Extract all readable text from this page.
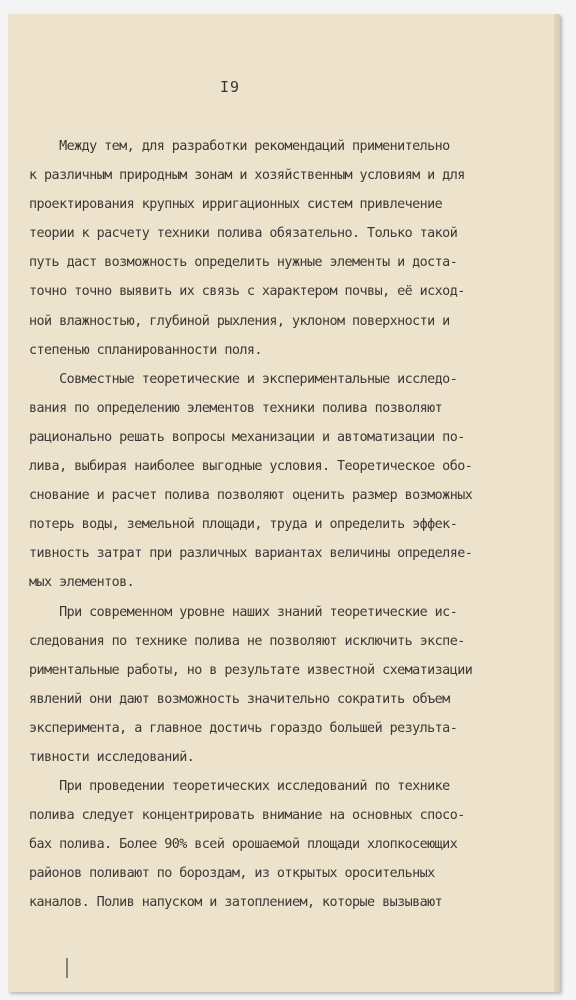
I9
Между тем, для разработки рекомендаций применительно
к различным природным зонам и хозяйственным условиям и для
проектирования крупных ирригационных систем привлечение
теории к расчету техники полива обязательно. Только такой
путь даст возможность определить нужные элементы и доста-
точно точно выявить их связь с характером почвы, её исход-
ной влажностью, глубиной рыхления, уклоном поверхности и
степенью спланированности поля.
Совместные теоретические и экспериментальные исследо-
вания по определению элементов техники полива позволяют
рационально решать вопросы механизации и автоматизации по-
лива, выбирая наиболее выгодные условия. Теоретическое обо-
снование и расчет полива позволяют оценить размер возможных
потерь воды, земельной площади, труда и определить эффек-
тивность затрат при различных вариантах величины определяе-
мых элементов.
При современном уровне наших знаний теоретические ис-
следования по технике полива не позволяют исключить экспе-
риментальные работы, но в результате известной схематизации
явлений они дают возможность значительно сократить объем
эксперимента, а главное достичь гораздо большей результа-
тивности исследований.
При проведении теоретических исследований по технике
полива следует концентрировать внимание на основных спосо-
бах полива. Более 90% всей орошаемой площади хлопкосеющих
районов поливают по бороздам, из открытых оросительных
каналов. Полив напуском и затоплением, которые вызывают
